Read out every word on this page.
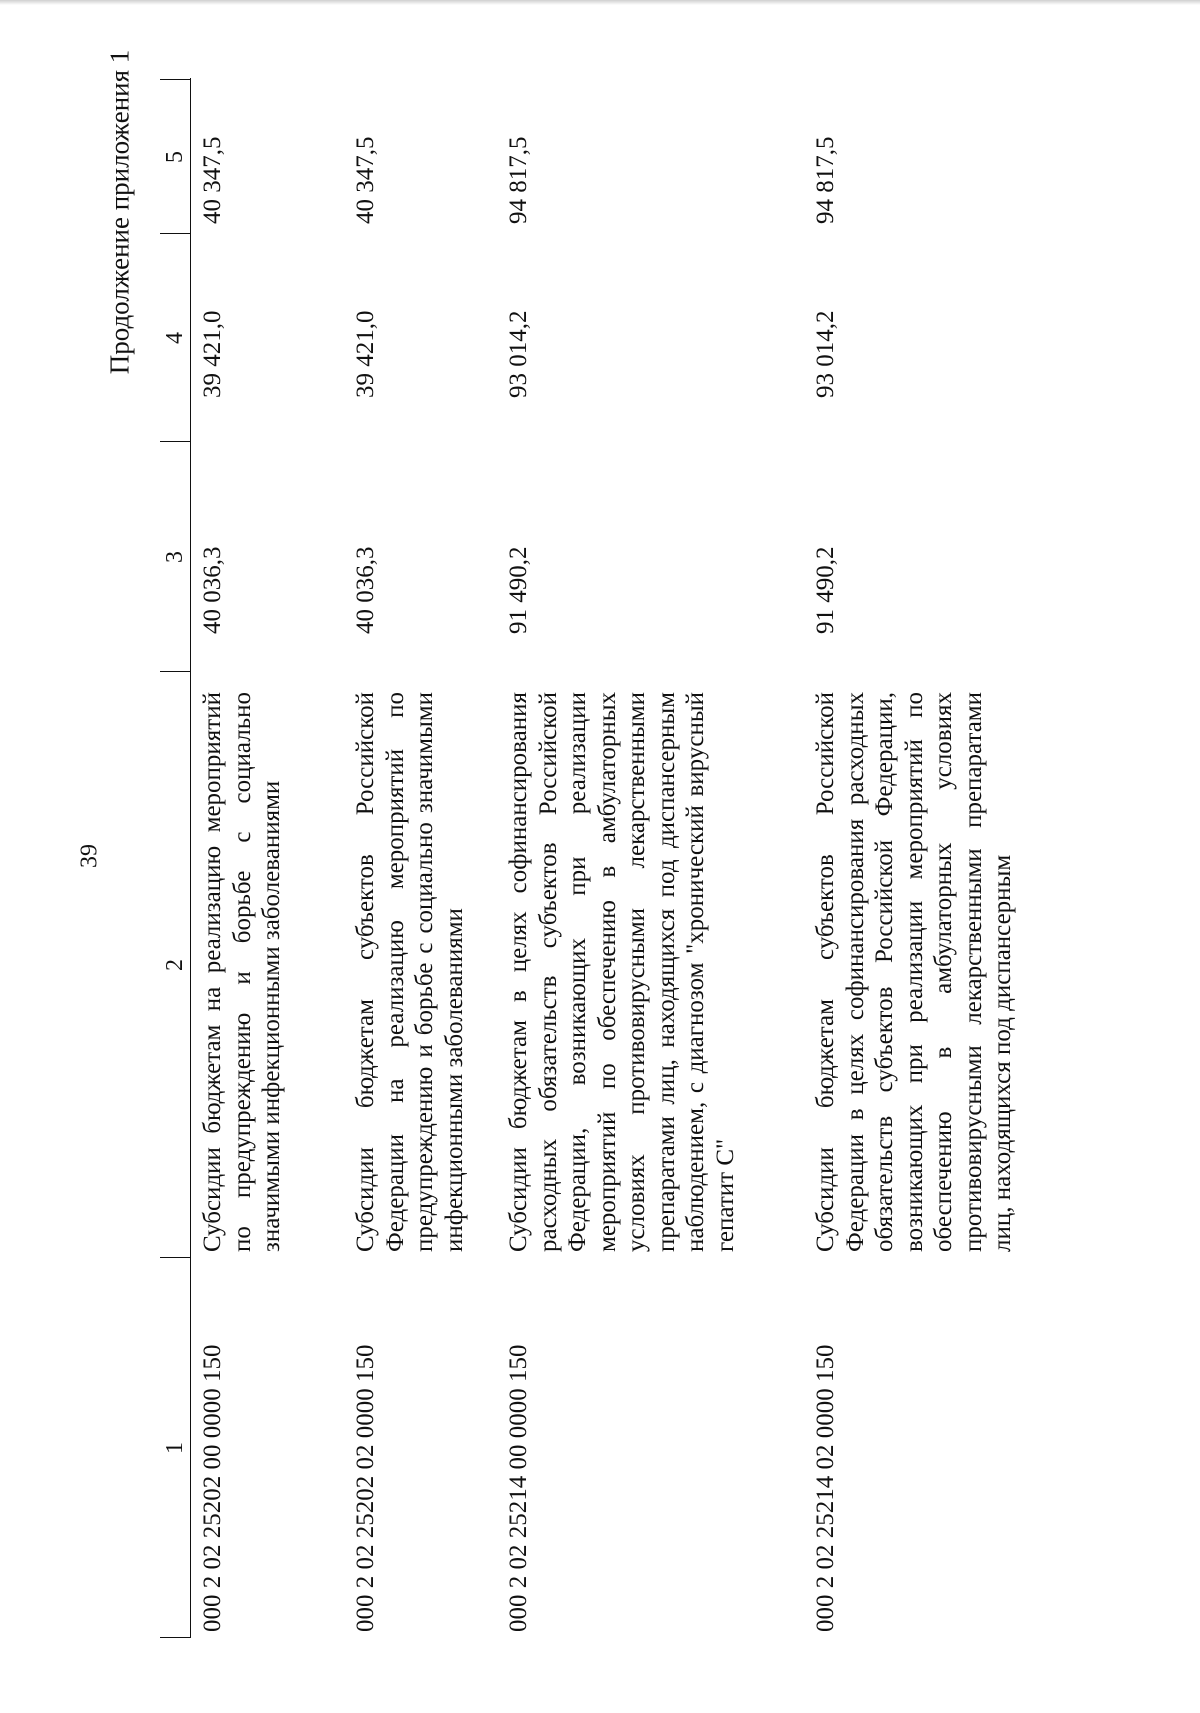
39
Продолжение приложения 1
1
2
3
4
5
000 2 02 25202 00 0000 150
Субсидии бюджетам на реализацию мероприятий по предупреждению и борьбе с социально значимыми инфекционными заболеваниями
40 036,3
39 421,0
40 347,5
000 2 02 25202 02 0000 150
Субсидии бюджетам субъектов Российской Федерации на реализацию мероприятий по предупреждению и борьбе с социально значимыми инфекционными заболеваниями
40 036,3
39 421,0
40 347,5
000 2 02 25214 00 0000 150
Субсидии бюджетам в целях софинансирования расходных обязательств субъектов Российской Федерации, возникающих при реализации мероприятий по обеспечению в амбулаторных условиях противовирусными лекарственными препаратами лиц, находящихся под диспансерным наблюдением, с диагнозом "хронический вирусный гепатит С"
91 490,2
93 014,2
94 817,5
000 2 02 25214 02 0000 150
Субсидии бюджетам субъектов Российской Федерации в целях софинансирования расходных обязательств субъектов Российской Федерации, возникающих при реализации мероприятий по обеспечению в амбулаторных условиях противовирусными лекарственными препаратами лиц, находящихся под диспансерным
91 490,2
93 014,2
94 817,5
